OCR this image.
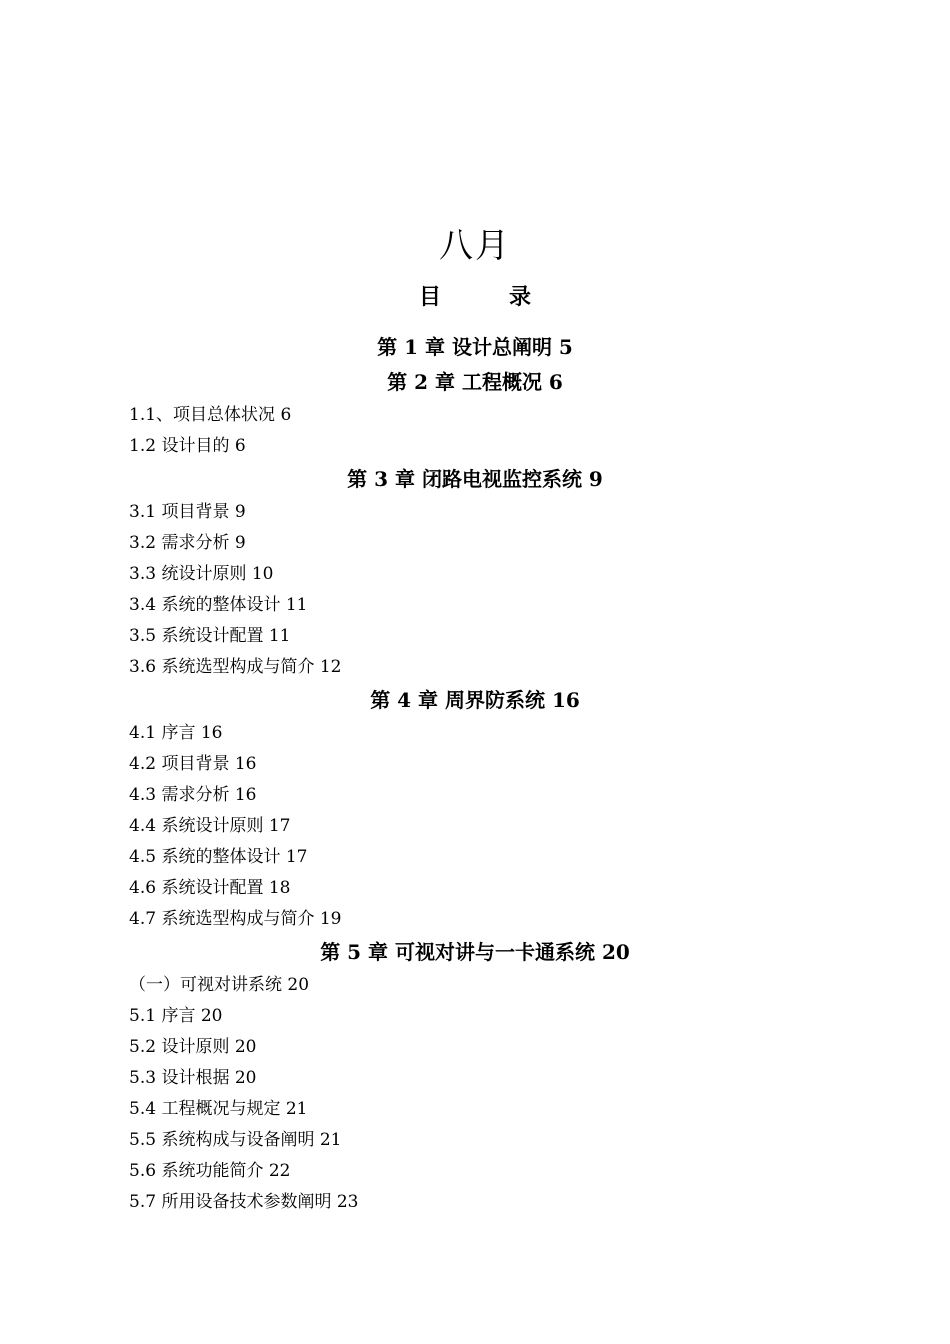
八月
目录
第 1 章 设计总阐明 5
第 2 章 工程概况 6
1.1、项目总体状况 6
1.2 设计目的 6
第 3 章 闭路电视监控系统 9
3.1 项目背景 9
3.2 需求分析 9
3.3 统设计原则 10
3.4 系统的整体设计 11
3.5 系统设计配置 11
3.6 系统选型构成与简介 12
第 4 章 周界防系统 16
4.1 序言 16
4.2 项目背景 16
4.3 需求分析 16
4.4 系统设计原则 17
4.5 系统的整体设计 17
4.6 系统设计配置 18
4.7 系统选型构成与简介 19
第 5 章 可视对讲与一卡通系统 20
（一）可视对讲系统 20
5.1 序言 20
5.2 设计原则 20
5.3 设计根据 20
5.4 工程概况与规定 21
5.5 系统构成与设备阐明 21
5.6 系统功能简介 22
5.7 所用设备技术参数阐明 23
